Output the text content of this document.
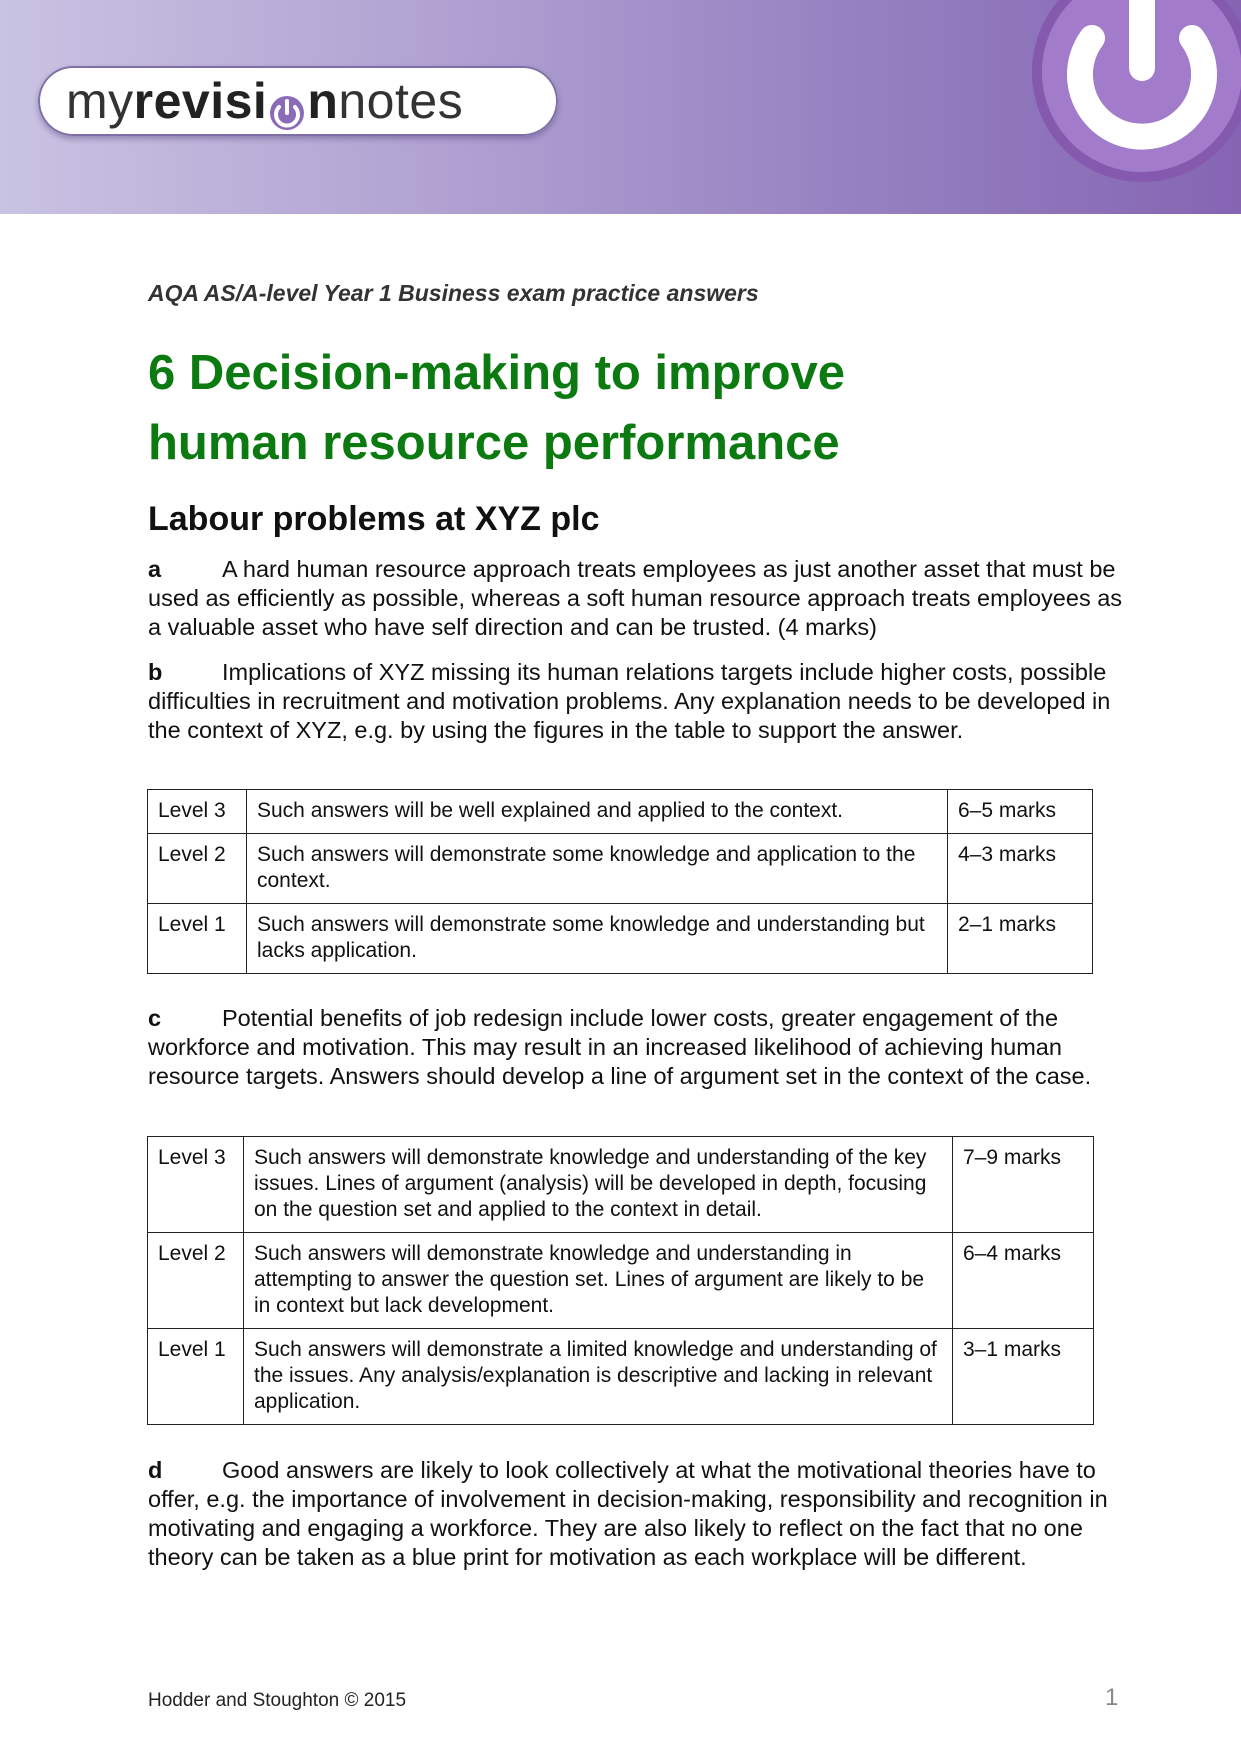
my revisi n notes
AQA AS/A-level Year 1 Business exam practice answers
6 Decision-making to improve
human resource performance
Labour problems at XYZ plc

a	A hard human resource approach treats employees as just another asset that must be used as efficiently as possible, whereas a soft human resource approach treats employees as a valuable asset who have self direction and can be trusted. (4 marks)

b	Implications of XYZ missing its human relations targets include higher costs, possible difficulties in recruitment and motivation problems. Any explanation needs to be developed in the context of XYZ, e.g. by using the figures in the table to support the answer.

Level 3	Such answers will be well explained and applied to the context.	6–5 marks
Level 2	Such answers will demonstrate some knowledge and application to the context.	4–3 marks
Level 1	Such answers will demonstrate some knowledge and understanding but lacks application.	2–1 marks

c	Potential benefits of job redesign include lower costs, greater engagement of the workforce and motivation. This may result in an increased likelihood of achieving human resource targets. Answers should develop a line of argument set in the context of the case.

Level 3	Such answers will demonstrate knowledge and understanding of the key issues. Lines of argument (analysis) will be developed in depth, focusing on the question set and applied to the context in detail.	7–9 marks
Level 2	Such answers will demonstrate knowledge and understanding in attempting to answer the question set. Lines of argument are likely to be in context but lack development.	6–4 marks
Level 1	Such answers will demonstrate a limited knowledge and understanding of the issues. Any analysis/explanation is descriptive and lacking in relevant application.	3–1 marks

d	Good answers are likely to look collectively at what the motivational theories have to offer, e.g. the importance of involvement in decision-making, responsibility and recognition in motivating and engaging a workforce. They are also likely to reflect on the fact that no one theory can be taken as a blue print for motivation as each workplace will be different.

Hodder and Stoughton © 2015	1
